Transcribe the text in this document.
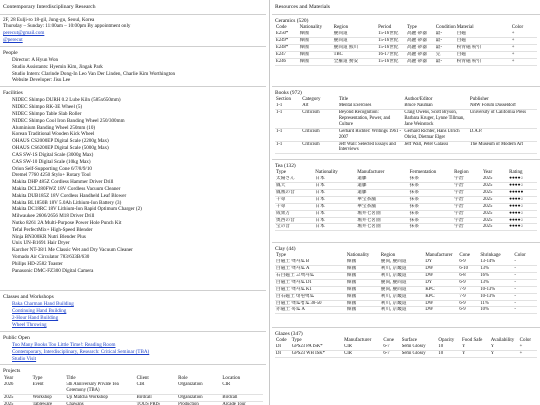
Contemporary Interdisciplinary Research
2F, 28 Eulji-ro 18-gil, Jung-gu, Seoul, Korea
Thursday – Sunday: 11:00am – 10:00pm By appointment only
perecut@gmail.com
@perecut
People
• Director: A Hyun Won
• Studio Assistants: Hyemin Kim, Jingak Park
• Studio Intern: Clarinde Dong-In Leo Van Der Linden, Charlie Kim Worthington
• Website Developer: Jisu Lee
Facilities
• NIDEC Shimpo DURH 0.2 Lube Kiln (585x650mm)
• NIDEC Shimpo RK-3E Wheel (5)
• NIDEC Shimpo Table Slab Roller
• NIDEC Shimpo Cool Iron Banding Wheel 250/300mm
• Aluminium Banding Wheel 250mm (10)
• Korean Traditional Wooden Kick Wheel
• OHAUS CS2000EP Digital Scale (2200g Max)
• OHAUS CS6200EP Digital Scale (5000g Max)
• CAS SW-1S Digital Scale (3000g Max)
• CAS SW-10 Digital Scale (10kg Max)
• Orion Self-Supporting Cone 6/7/8/9/10
• Dremel 7760 4250 Stylo+ Rotary Tool
• Makita DHP 485Z Cordless Hammer Driver Drill
• Makita DCL280FWZ 18V Cordless Vacuum Cleaner
• Makita DUB185Z 18V Cordless Handheld Leaf Blower
• Makita BL1850B 18V 5.0Ah Lithium-Ion Battery (3)
• Makita DC18RC 18V Lithium-Ion Rapid Optimum Charger (2)
• Milwaukee 2606/2656 M18 Driver Drill
• Nutko 8261 2A Multi-Purpose Power Hole Punch Kit
• Tefal PerfectMix+ High-Speed Blender
• Ninja BN300KR Nutri Blender Plus
• Unix UN-B1691 Hair Dryer
• Karcher NT-38/1 Me Classic Wet and Dry Vacuum Cleaner
• Vornado Air Circulator 783/633B/630
• Philips HD-2582 Toaster
• Panasonic DMC-FZ300 Digital Camera
Classes and Workshops
• Baka Charman Hand Building
• Continuing Hand Building
• 2-Hour Hand Building
• Wheel Throwing
Public Open
• Too Many Books Too Little Time!: Reading Room
• Contemporary, Interdisciplinary, Research: Critical Seminar (TBA)
• Studio Visit
Projects
Year	Type	Title	Client	Role	Location
2026	Event	5th Anniversary Private Tea Ceremony (TBA)	CIR	Organization	CIR
2025	Workshop	Uji Matcha Workshop	Birdcall	Organization	Birdcall
2025	Tableware	Chawans	TOUS PRIS	Production	Arcade Tour
Resources and Materials
Ceramics (520)
Code	Nationality	Region	Period	Type	Condition	Material	Color
E250*	韓國	慶尚道	15-16世紀	高麗 砂器	最-	白磁	+
E249*	韓國	慶尚道	15-16世紀	高麗 砂器	最-	白磁	+
E248*	韓國	慶尚道 熊川	15-16世紀	高麗 砂器	最-	粉青磁 粉引	+
E247	韓國	TBC	16-17世紀	高麗 砂器	完	白磁	+
E246	韓國	全羅道 務安	15-16世紀	高麗 砂器	最-	粉青磁 粉引	+
Books (972)
Section	Category	Title	Author/Editor	Publisher
1-1	Art	Mental Exercises	Bruce Nauman	NRW Forum Düsseldorf
1-1	Criticism	Beyond Recognition: Representation, Power, and Culture	Craig Owens, Scott Bryson, Barbara Kruger, Lynne Tillman, Jane Weinstock	University of California Press
1-1	Criticism	Gerhard Richter: Writings 1961 - 2007	Gerhard Richter, Hans Ulrich Obrist, Dietmar Elger	D.A.P.
1-1	Criticism	Jeff Wall: Selected Essays and Interviews	Jeff Wall, Peter Galassi	The Museum of Modern Art
Tea (132)
Type	Nationality	Manufacturer	Fermentation	Region	Year	Rating
太陽さん	日本	遠藤	抹茶	宇治	2025	●●●●○
鳳天	日本	遠藤	抹茶	宇治	2025	●●●●○
鳳凰の昔	日本	遠藤	抹茶	宇治	2025	●●●●●
千尋	日本	華宝茶舗	抹茶	宇治	2025	●●●●○
千尋	日本	華宝茶舗	抹茶	宇治	2025	●●●●○
成果万	日本	堀井七茗園	抹茶	宇治	2025	●●●●○
奥西の昔	日本	堀井七茗園	抹茶	宇治	2025	●●●●○
宝の昔	日本	堀井七茗園	抹茶	宇治	2025	●●●●○
Clay (44)
Type	Nationality	Region	Manufacturer	Cone	Shrinkage	Color
白磁土 백자토 B	韓國	慶尚, 慶尚道	DY	6-9	13-14%	-
白磁土 백자토 A	韓國	利川, 京畿道	DW	6-10	13%	-
石白磁土 고백자토	韓國	利川, 京畿道	DW	6-8	16%	-
白磁土 백자토 D1	韓國	慶尚, 慶尚道	DY	6-9	13%	-
白磁土 백자토 K1	韓國	慶尚, 慶尚道	KPC	7-9	10-13%	-
白石磁土 대원백토	韓國	利川, 京畿道	KPC	7-9	10-13%	-
白磁土 백토청토 30-50	韓國	利川, 京畿道	DW	6-9	11%	-
赤磁土 흑토 A	韓國	利川, 京畿道	DW	6-9	10%	-
Glazes (347)
Code	Type	Manufacturer	Cone	Surface	Opacity	Food Safe	Availability	Color
DI	GPS23 PA ISK*	CIR	6-7	Semi Glossy	10	Y	Y	+
DI	GPS23 WH ISK*	CIR	6-7	Semi Glossy	10	Y	Y	+
